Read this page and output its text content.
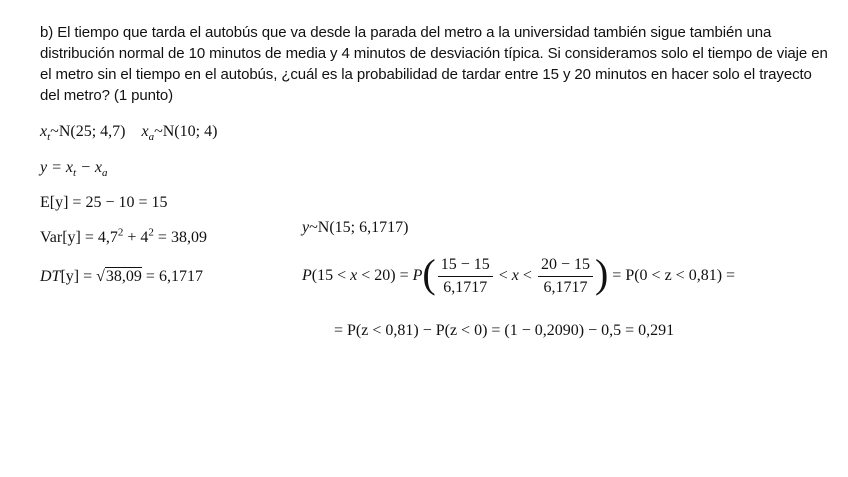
b) El tiempo que tarda el autobús que va desde la parada del metro a la universidad también sigue también una distribución normal de 10 minutos de media y 4 minutos de desviación típica. Si consideramos solo el tiempo de viaje en el metro sin el tiempo en el autobús, ¿cuál es la probabilidad de tardar entre 15 y 20 minutos en hacer solo el trayecto del metro? (1 punto)
$x_t\sim N(25$; 4,7) $x_a\sim N(10$; 4)
$y = x_t - x_a$
E[y] = 25 − 10 = 15
$Var[y] = 4,7^2 + 4^2 = 38,09$
DT[y] = √38,09 = 6,1717
y~N(15; 6,1717)
$P(15 < x < 20) = P( \frac{15 - 15}{6,1717} < x < \frac{20 - 15}{6,1717}$ ) = P(0 < z < 0,81) =
= P(z < 0,81) − P(z < 0) = (1 − 0,2090) − 0,5 = 0,291
